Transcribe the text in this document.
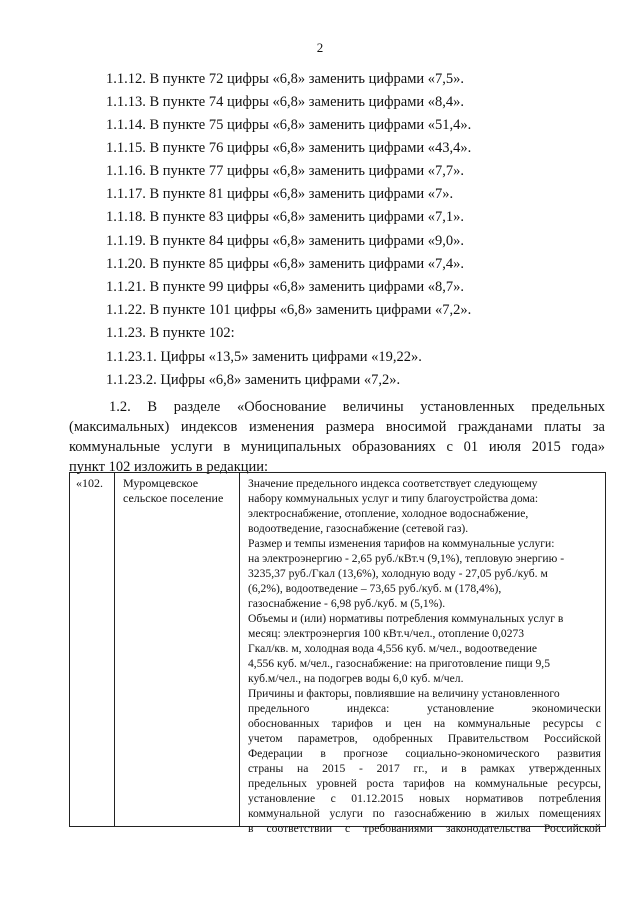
2
1.1.12. В пункте 72 цифры «6,8» заменить цифрами «7,5».
1.1.13. В пункте 74 цифры «6,8» заменить цифрами «8,4».
1.1.14. В пункте 75 цифры «6,8» заменить цифрами «51,4».
1.1.15. В пункте 76 цифры «6,8» заменить цифрами «43,4».
1.1.16. В пункте 77 цифры «6,8» заменить цифрами «7,7».
1.1.17. В пункте 81 цифры «6,8» заменить цифрами «7».
1.1.18. В пункте 83 цифры «6,8» заменить цифрами «7,1».
1.1.19. В пункте 84 цифры «6,8» заменить цифрами «9,0».
1.1.20. В пункте 85 цифры «6,8» заменить цифрами «7,4».
1.1.21. В пункте 99 цифры «6,8» заменить цифрами «8,7».
1.1.22. В пункте 101 цифры «6,8» заменить цифрами «7,2».
1.1.23. В пункте 102:
1.1.23.1. Цифры «13,5» заменить цифрами «19,22».
1.1.23.2. Цифры «6,8» заменить цифрами «7,2».
1.2. В разделе «Обоснование величины установленных предельных
(максимальных) индексов изменения размера вносимой гражданами платы за
коммунальные услуги в муниципальных образованиях с 01 июля 2015 года»
пункт 102 изложить в редакции:
«102. Муромцевское сельское поселение
Значение предельного индекса соответствует следующему
набору коммунальных услуг и типу благоустройства дома:
электроснабжение, отопление, холодное водоснабжение,
водоотведение, газоснабжение (сетевой газ).
Размер и темпы изменения тарифов на коммунальные услуги:
на электроэнергию - 2,65 руб./кВт.ч (9,1%), тепловую энергию -
3235,37 руб./Гкал (13,6%), холодную воду - 27,05 руб./куб. м
(6,2%), водоотведение – 73,65 руб./куб. м (178,4%),
газоснабжение - 6,98 руб./куб. м (5,1%).
Объемы и (или) нормативы потребления коммунальных услуг в
месяц: электроэнергия 100 кВт.ч/чел., отопление 0,0273
Гкал/кв. м, холодная вода 4,556 куб. м/чел., водоотведение
4,556 куб. м/чел., газоснабжение: на приготовление пищи 9,5
куб.м/чел., на подогрев воды 6,0 куб. м/чел.
Причины и факторы, повлиявшие на величину установленного
предельного индекса: установление экономически
обоснованных тарифов и цен на коммунальные ресурсы с
учетом параметров, одобренных Правительством Российской
Федерации в прогнозе социально-экономического развития
страны на 2015 - 2017 гг., и в рамках утвержденных
предельных уровней роста тарифов на коммунальные ресурсы,
установление с 01.12.2015 новых нормативов потребления
коммунальной услуги по газоснабжению в жилых помещениях
в соответствии с требованиями законодательства Российской
